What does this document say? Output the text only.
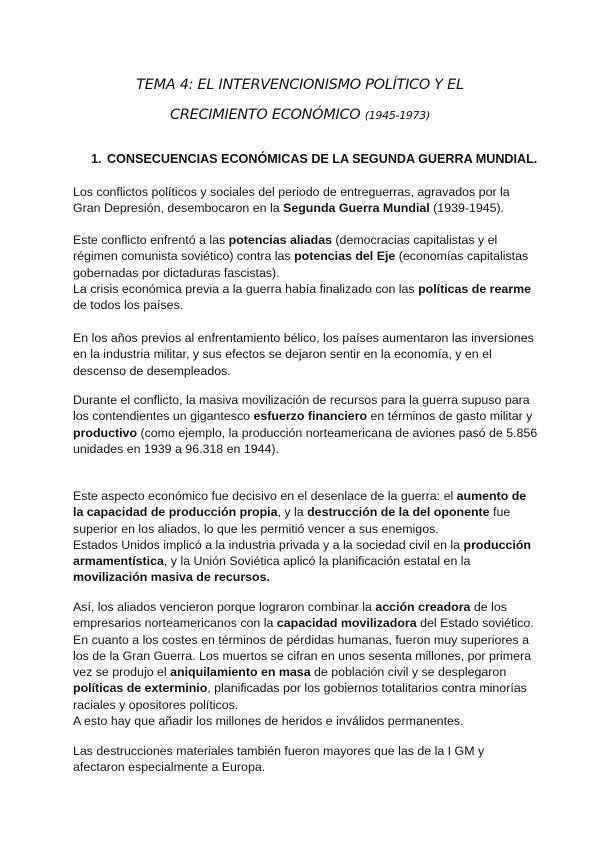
TEMA 4: EL INTERVENCIONISMO POLÍTICO Y EL
CRECIMIENTO ECONÓMICO (1945-1973)
1. CONSECUENCIAS ECONÓMICAS DE LA SEGUNDA GUERRA MUNDIAL.
Los conflictos políticos y sociales del periodo de entreguerras, agravados por la
Gran Depresión, desembocaron en la Segunda Guerra Mundial (1939-1945).
Este conflicto enfrentó a las potencias aliadas (democracias capitalistas y el
régimen comunista soviético) contra las potencias del Eje (economías capitalistas
gobernadas por dictaduras fascistas).
La crisis económica previa a la guerra había finalizado con las políticas de rearme
de todos los países.
En los años previos al enfrentamiento bélico, los países aumentaron las inversiones
en la industria militar, y sus efectos se dejaron sentir en la economía, y en el
descenso de desempleados.
Durante el conflicto, la masiva movilización de recursos para la guerra supuso para
los contendientes un gigantesco esfuerzo financiero en términos de gasto militar y
productivo (como ejemplo, la producción norteamericana de aviones pasó de 5.856
unidades en 1939 a 96.318 en 1944).
Este aspecto económico fue decisivo en el desenlace de la guerra: el aumento de
la capacidad de producción propia, y la destrucción de la del oponente fue
superior en los aliados, lo que les permitió vencer a sus enemigos.
Estados Unidos implicó a la industria privada y a la sociedad civil en la producción
armamentística, y la Unión Soviética aplicó la planificación estatal en la
movilización masiva de recursos.
Así, los aliados vencieron porque lograron combinar la acción creadora de los
empresarios norteamericanos con la capacidad movilizadora del Estado soviético.
En cuanto a los costes en términos de pérdidas humanas, fueron muy superiores a
los de la Gran Guerra. Los muertos se cifran en unos sesenta millones, por primera
vez se produjo el aniquilamiento en masa de población civil y se desplegaron
políticas de exterminio, planificadas por los gobiernos totalitarios contra minorías
raciales y opositores políticos.
A esto hay que añadir los millones de heridos e inválidos permanentes.
Las destrucciones materiales también fueron mayores que las de la I GM y
afectaron especialmente a Europa.
